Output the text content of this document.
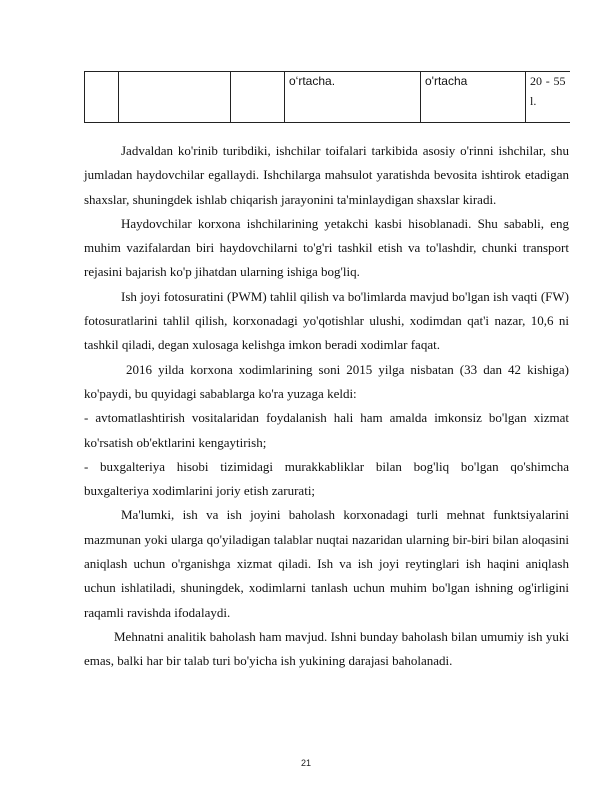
			o‘rtacha.	o'rtacha	20 - 55
l.

Jadvaldan ko'rinib turibdiki, ishchilar toifalari tarkibida asosiy o'rinni ishchilar, shu jumladan haydovchilar egallaydi. Ishchilarga mahsulot yaratishda bevosita ishtirok etadigan shaxslar, shuningdek ishlab chiqarish jarayonini ta'minlaydigan shaxslar kiradi.

Haydovchilar korxona ishchilarining yetakchi kasbi hisoblanadi. Shu sababli, eng muhim vazifalardan biri haydovchilarni to'g'ri tashkil etish va to'lashdir, chunki transport rejasini bajarish ko'p jihatdan ularning ishiga bog'liq.

Ish joyi fotosuratini (PWM) tahlil qilish va bo'limlarda mavjud bo'lgan ish vaqti (FW) fotosuratlarini tahlil qilish, korxonadagi yo'qotishlar ulushi, xodimdan qat'i nazar, 10,6 ni tashkil qiladi, degan xulosaga kelishga imkon beradi xodimlar faqat.

2016 yilda korxona xodimlarining soni 2015 yilga nisbatan (33 dan 42 kishiga) ko'paydi, bu quyidagi sabablarga ko'ra yuzaga keldi:

- avtomatlashtirish vositalaridan foydalanish hali ham amalda imkonsiz bo'lgan xizmat ko'rsatish ob'ektlarini kengaytirish;

- buxgalteriya hisobi tizimidagi murakkabliklar bilan bog'liq bo'lgan qo'shimcha buxgalteriya xodimlarini joriy etish zarurati;

Ma'lumki, ish va ish joyini baholash korxonadagi turli mehnat funktsiyalarini mazmunan yoki ularga qo'yiladigan talablar nuqtai nazaridan ularning bir-biri bilan aloqasini aniqlash uchun o'rganishga xizmat qiladi. Ish va ish joyi reytinglari ish haqini aniqlash uchun ishlatiladi, shuningdek, xodimlarni tanlash uchun muhim bo'lgan ishning og'irligini raqamli ravishda ifodalaydi.

Mehnatni analitik baholash ham mavjud. Ishni bunday baholash bilan umumiy ish yuki emas, balki har bir talab turi bo'yicha ish yukining darajasi baholanadi.

21
